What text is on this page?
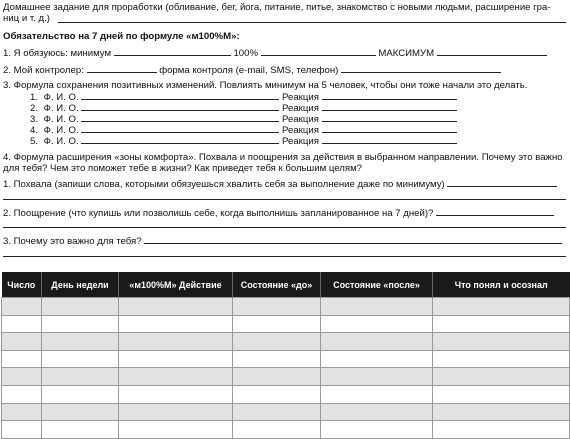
Домашнее задание для проработки (обливание, бег, йога, питание, питье, знакомство с новыми людьми, расширение гра-
ниц и т. д.)
Обязательство на 7 дней по формуле «м100%М»:
1. Я обязуюсь: минимум	100%	МАКСИМУМ
2. Мой контролер:	форма контроля (e-mail, SMS, телефон)
3. Формула сохранения позитивных изменений. Повлиять минимум на 5 человек, чтобы они тоже начали это делать.
1. Ф. И. О.	Реакция
2. Ф. И. О.	Реакция
3. Ф. И. О.	Реакция
4. Ф. И. О.	Реакция
5. Ф. И. О.	Реакция
4. Формула расширения «зоны комфорта». Похвала и поощрения за действия в выбранном направлении. Почему это важно
для тебя? Чем это поможет тебе в жизни? Как приведет тебя к большим целям?
1. Похвала (запиши слова, которыми обязуешься хвалить себя за выполнение даже по минимуму)
2. Поощрение (что купишь или позволишь себе, когда выполнишь запланированное на 7 дней)?
3. Почему это важно для тебя?
Число	День недели	«м100%М» Действие	Состояние «до»	Состояние «после»	Что понял и осознал
